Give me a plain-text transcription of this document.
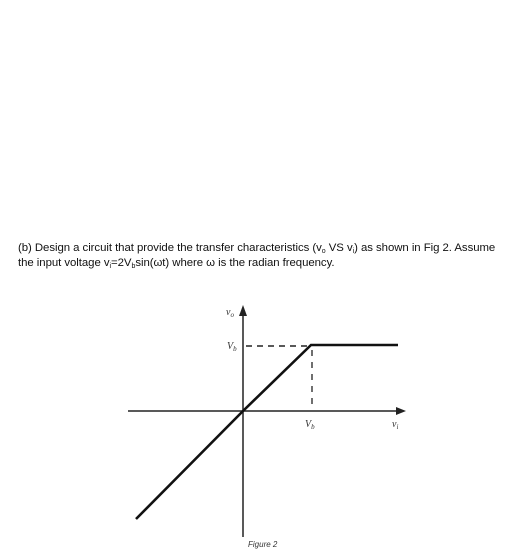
(b) Design a circuit that provide the transfer characteristics ($v_o$ VS $v_i$) as shown in Fig 2. Assume
the input voltage $v_i=2V_b\sin(\omega t)$ where ω is the radian frequency.
$v_o$
$V_b$
$V_b$	$v_i$
Figure 2
